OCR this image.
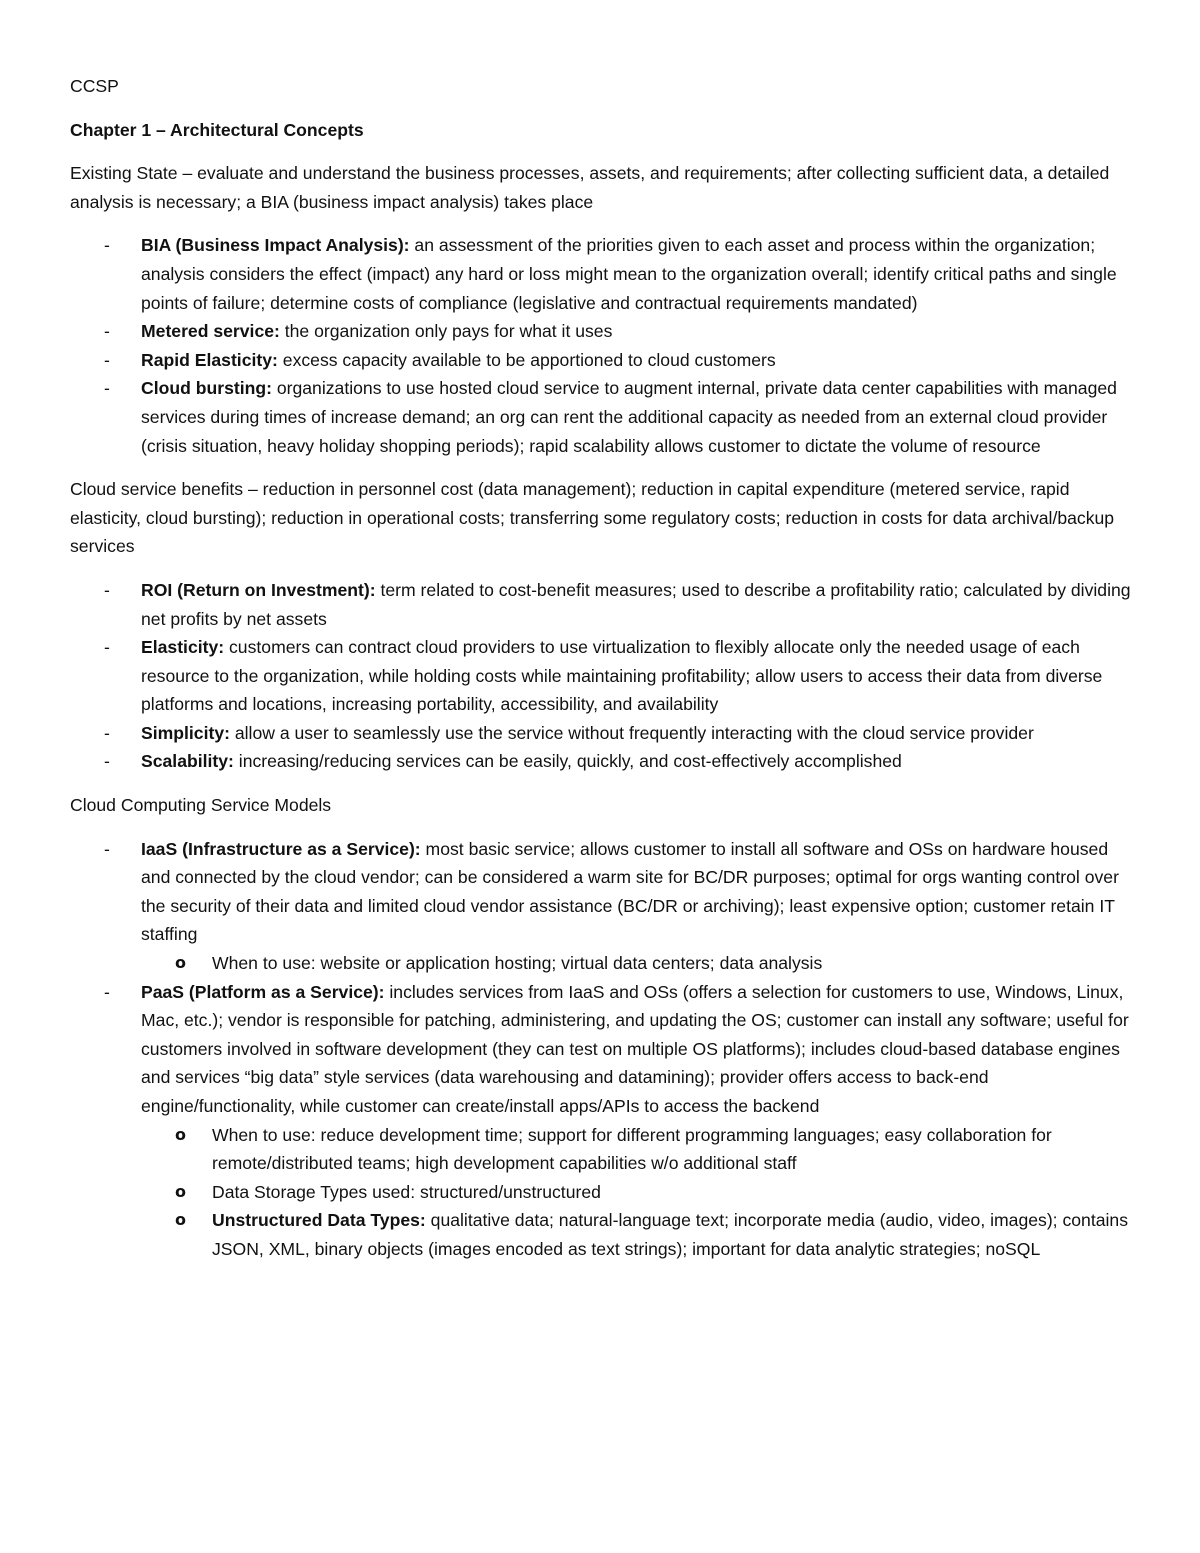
CCSP

Chapter 1 – Architectural Concepts

Existing State – evaluate and understand the business processes, assets, and requirements; after collecting sufficient data, a detailed analysis is necessary; a BIA (business impact analysis) takes place

- BIA (Business Impact Analysis): an assessment of the priorities given to each asset and process within the organization; analysis considers the effect (impact) any hard or loss might mean to the organization overall; identify critical paths and single points of failure; determine costs of compliance (legislative and contractual requirements mandated)
- Metered service: the organization only pays for what it uses
- Rapid Elasticity: excess capacity available to be apportioned to cloud customers
- Cloud bursting: organizations to use hosted cloud service to augment internal, private data center capabilities with managed services during times of increase demand; an org can rent the additional capacity as needed from an external cloud provider (crisis situation, heavy holiday shopping periods); rapid scalability allows customer to dictate the volume of resource

Cloud service benefits – reduction in personnel cost (data management); reduction in capital expenditure (metered service, rapid elasticity, cloud bursting); reduction in operational costs; transferring some regulatory costs; reduction in costs for data archival/backup services

- ROI (Return on Investment): term related to cost-benefit measures; used to describe a profitability ratio; calculated by dividing net profits by net assets
- Elasticity: customers can contract cloud providers to use virtualization to flexibly allocate only the needed usage of each resource to the organization, while holding costs while maintaining profitability; allow users to access their data from diverse platforms and locations, increasing portability, accessibility, and availability
- Simplicity: allow a user to seamlessly use the service without frequently interacting with the cloud service provider
- Scalability: increasing/reducing services can be easily, quickly, and cost-effectively accomplished

Cloud Computing Service Models

- IaaS (Infrastructure as a Service): most basic service; allows customer to install all software and OSs on hardware housed and connected by the cloud vendor; can be considered a warm site for BC/DR purposes; optimal for orgs wanting control over the security of their data and limited cloud vendor assistance (BC/DR or archiving); least expensive option; customer retain IT staffing
o When to use: website or application hosting; virtual data centers; data analysis
- PaaS (Platform as a Service): includes services from IaaS and OSs (offers a selection for customers to use, Windows, Linux, Mac, etc.); vendor is responsible for patching, administering, and updating the OS; customer can install any software; useful for customers involved in software development (they can test on multiple OS platforms); includes cloud-based database engines and services “big data” style services (data warehousing and datamining); provider offers access to back-end engine/functionality, while customer can create/install apps/APIs to access the backend
o When to use: reduce development time; support for different programming languages; easy collaboration for remote/distributed teams; high development capabilities w/o additional staff
o Data Storage Types used: structured/unstructured
o Unstructured Data Types: qualitative data; natural-language text; incorporate media (audio, video, images); contains JSON, XML, binary objects (images encoded as text strings); important for data analytic strategies; noSQL
